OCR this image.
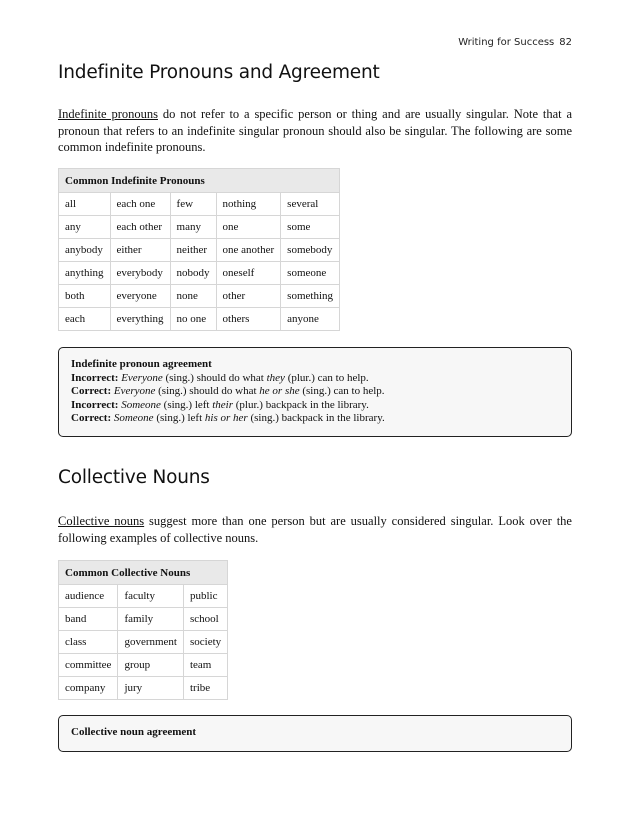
Writing for Success 82
Indefinite Pronouns and Agreement

Indefinite pronouns do not refer to a specific person or thing and are usually singular. Note that a pronoun that refers to an indefinite singular pronoun should also be singular. The following are some common indefinite pronouns.

Common Indefinite Pronouns				
all	each one	few	nothing	several
any	each other	many	one	some
anybody	either	neither	one another	somebody
anything	everybody	nobody	oneself	someone
both	everyone	none	other	something
each	everything	no one	others	anyone
Indefinite pronoun agreement
Incorrect: Everyone (sing.) should do what they (plur.) can to help.
Correct: Everyone (sing.) should do what he or she (sing.) can to help.
Incorrect: Someone (sing.) left their (plur.) backpack in the library.
Correct: Someone (sing.) left his or her (sing.) backpack in the library.
Collective Nouns

Collective nouns suggest more than one person but are usually considered singular. Look over the following examples of collective nouns.

Common Collective Nouns		
audience	faculty	public
band	family	school
class	government	society
committee	group	team
company	jury	tribe
Collective noun agreement
